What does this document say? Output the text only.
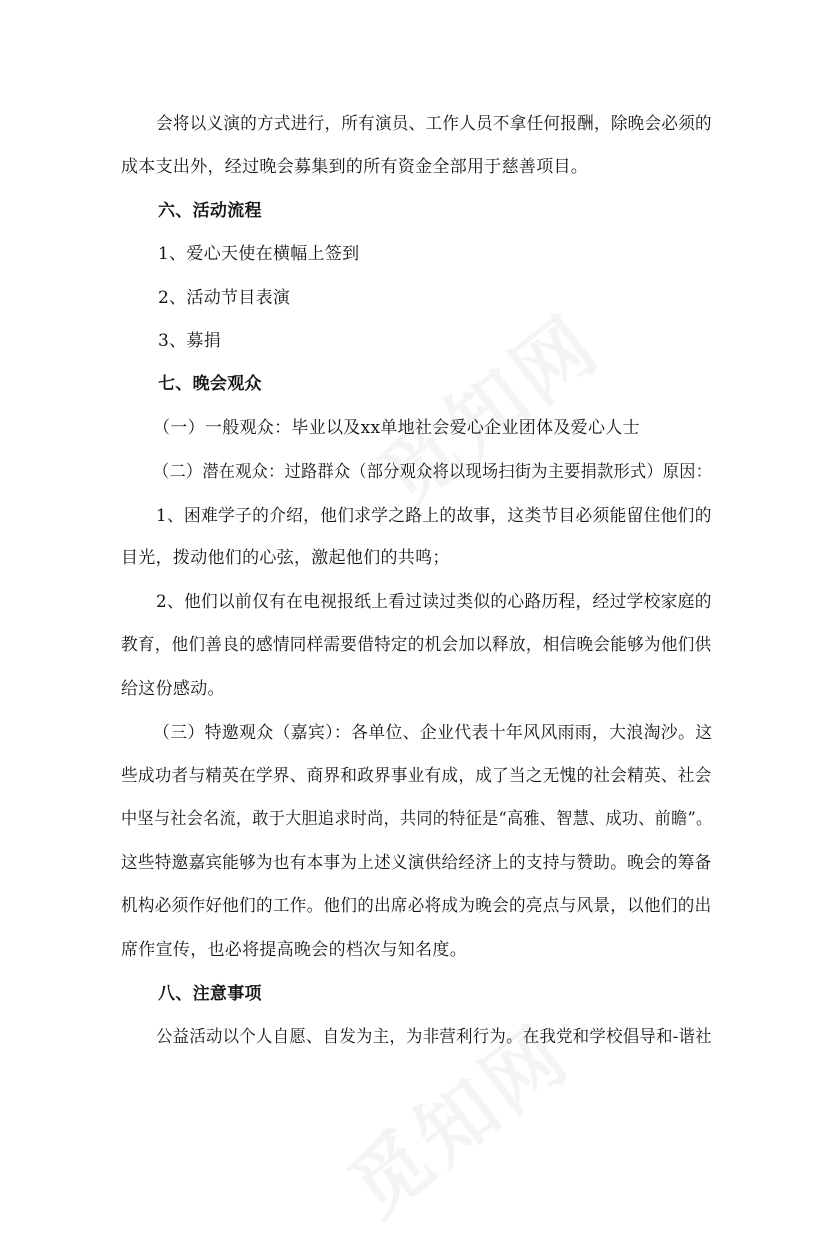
会将以义演的方式进行，所有演员、工作人员不拿任何报酬，除晚会必须的
成本支出外，经过晚会募集到的所有资金全部用于慈善项目。
六、活动流程
1、爱心天使在横幅上签到
2、活动节目表演
3、募捐
七、晚会观众
（一）一般观众：毕业以及xx单地社会爱心企业团体及爱心人士
（二）潜在观众：过路群众（部分观众将以现场扫街为主要捐款形式）原因：
1、困难学子的介绍，他们求学之路上的故事，这类节目必须能留住他们的
目光，拨动他们的心弦，激起他们的共鸣；
2、他们以前仅有在电视报纸上看过读过类似的心路历程，经过学校家庭的
教育，他们善良的感情同样需要借特定的机会加以释放，相信晚会能够为他们供
给这份感动。
（三）特邀观众（嘉宾）：各单位、企业代表十年风风雨雨，大浪淘沙。这
些成功者与精英在学界、商界和政界事业有成，成了当之无愧的社会精英、社会
中坚与社会名流，敢于大胆追求时尚，共同的特征是“高雅、智慧、成功、前瞻”。
这些特邀嘉宾能够为也有本事为上述义演供给经济上的支持与赞助。晚会的筹备
机构必须作好他们的工作。他们的出席必将成为晚会的亮点与风景，以他们的出
席作宣传，也必将提高晚会的档次与知名度。
八、注意事项
公益活动以个人自愿、自发为主，为非营利行为。在我党和学校倡导和-谐社
